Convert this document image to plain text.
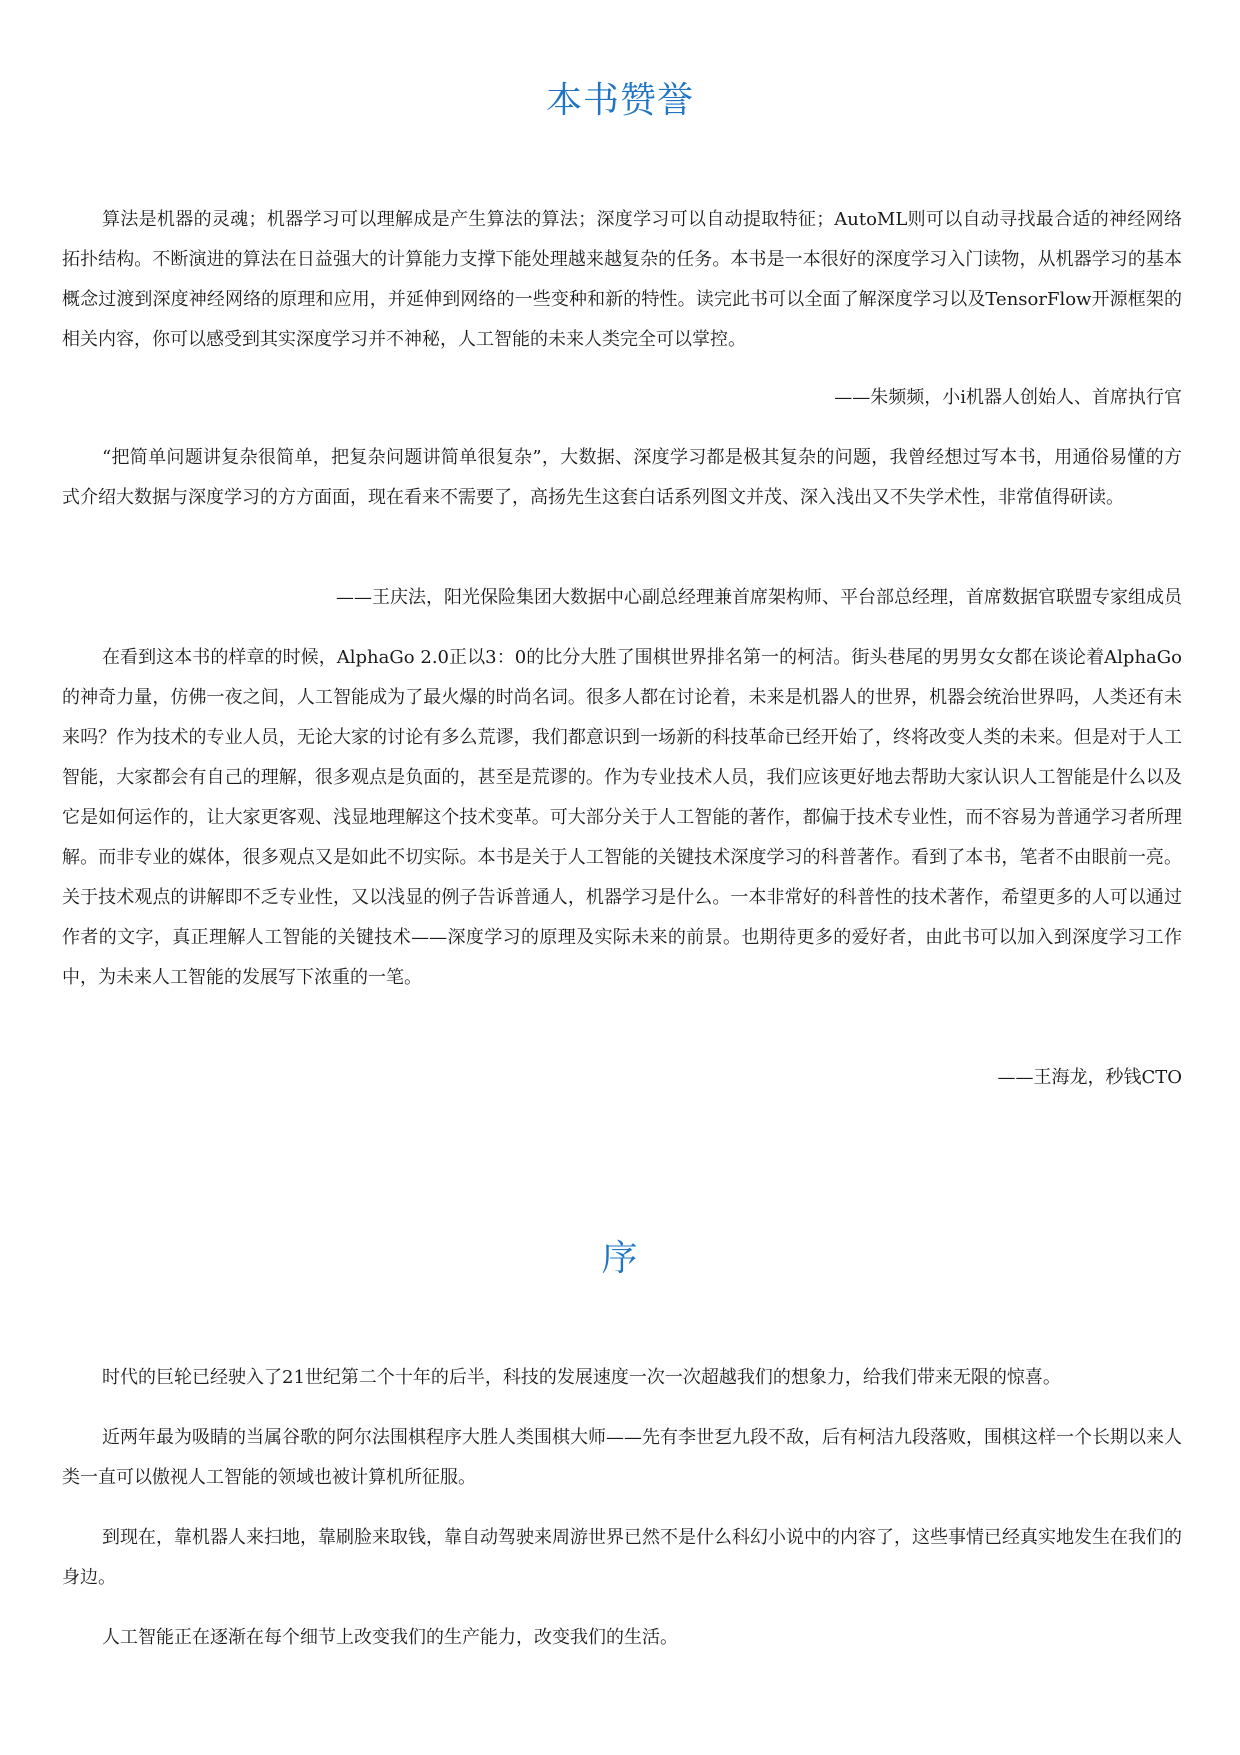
本书赞誉

算法是机器的灵魂；机器学习可以理解成是产生算法的算法；深度学习可以自动提取特征；AutoML则可以自动寻找最合适的神经网络拓扑结构。不断演进的算法在日益强大的计算能力支撑下能处理越来越复杂的任务。本书是一本很好的深度学习入门读物，从机器学习的基本概念过渡到深度神经网络的原理和应用，并延伸到网络的一些变种和新的特性。读完此书可以全面了解深度学习以及TensorFlow开源框架的相关内容，你可以感受到其实深度学习并不神秘，人工智能的未来人类完全可以掌控。

——朱频频，小i机器人创始人、首席执行官

“把简单问题讲复杂很简单，把复杂问题讲简单很复杂”，大数据、深度学习都是极其复杂的问题，我曾经想过写本书，用通俗易懂的方式介绍大数据与深度学习的方方面面，现在看来不需要了，高扬先生这套白话系列图文并茂、深入浅出又不失学术性，非常值得研读。

——王庆法，阳光保险集团大数据中心副总经理兼首席架构师、平台部总经理，首席数据官联盟专家组成员

在看到这本书的样章的时候，AlphaGo 2.0正以3：0的比分大胜了围棋世界排名第一的柯洁。街头巷尾的男男女女都在谈论着AlphaGo的神奇力量，仿佛一夜之间，人工智能成为了最火爆的时尚名词。很多人都在讨论着，未来是机器人的世界，机器会统治世界吗，人类还有未来吗？作为技术的专业人员，无论大家的讨论有多么荒谬，我们都意识到一场新的科技革命已经开始了，终将改变人类的未来。但是对于人工智能，大家都会有自己的理解，很多观点是负面的，甚至是荒谬的。作为专业技术人员，我们应该更好地去帮助大家认识人工智能是什么以及它是如何运作的，让大家更客观、浅显地理解这个技术变革。可大部分关于人工智能的著作，都偏于技术专业性，而不容易为普通学习者所理解。而非专业的媒体，很多观点又是如此不切实际。本书是关于人工智能的关键技术深度学习的科普著作。看到了本书，笔者不由眼前一亮。关于技术观点的讲解即不乏专业性，又以浅显的例子告诉普通人，机器学习是什么。一本非常好的科普性的技术著作，希望更多的人可以通过作者的文字，真正理解人工智能的关键技术——深度学习的原理及实际未来的前景。也期待更多的爱好者，由此书可以加入到深度学习工作中，为未来人工智能的发展写下浓重的一笔。

——王海龙，秒钱CTO

序

时代的巨轮已经驶入了21世纪第二个十年的后半，科技的发展速度一次一次超越我们的想象力，给我们带来无限的惊喜。

近两年最为吸睛的当属谷歌的阿尔法围棋程序大胜人类围棋大师——先有李世乭九段不敌，后有柯洁九段落败，围棋这样一个长期以来人类一直可以傲视人工智能的领域也被计算机所征服。

到现在，靠机器人来扫地，靠刷脸来取钱，靠自动驾驶来周游世界已然不是什么科幻小说中的内容了，这些事情已经真实地发生在我们的身边。

人工智能正在逐渐在每个细节上改变我们的生产能力，改变我们的生活。
